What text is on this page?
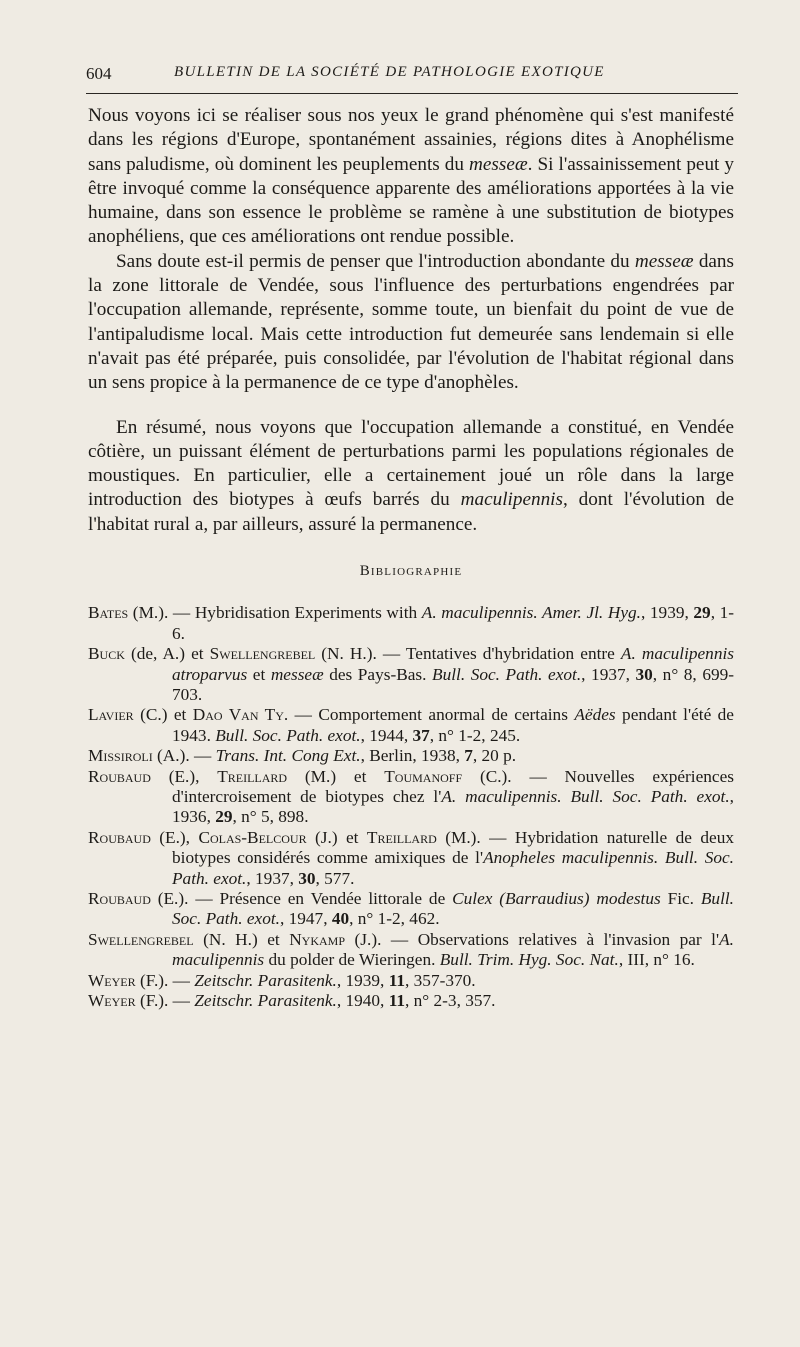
604	BULLETIN DE LA SOCIÉTÉ DE PATHOLOGIE EXOTIQUE

Nous voyons ici se réaliser sous nos yeux le grand phénomène qui s'est manifesté dans les régions d'Europe, spontanément assainies, régions dites à Anophélisme sans paludisme, où dominent les peuplements du messeæ. Si l'assainissement peut y être invoqué comme la conséquence apparente des améliorations apportées à la vie humaine, dans son essence le problème se ramène à une substitution de biotypes anophéliens, que ces améliorations ont rendue possible.

Sans doute est-il permis de penser que l'introduction abondante du messeæ dans la zone littorale de Vendée, sous l'influence des perturbations engendrées par l'occupation allemande, représente, somme toute, un bienfait du point de vue de l'antipaludisme local. Mais cette introduction fut demeurée sans lendemain si elle n'avait pas été préparée, puis consolidée, par l'évolution de l'habitat régional dans un sens propice à la permanence de ce type d'anophèles.

En résumé, nous voyons que l'occupation allemande a constitué, en Vendée côtière, un puissant élément de perturbations parmi les populations régionales de moustiques. En particulier, elle a certainement joué un rôle dans la large introduction des biotypes à œufs barrés du maculipennis, dont l'évolution de l'habitat rural a, par ailleurs, assuré la permanence.

Bibliographie

Bates (M.). — Hybridisation Experiments with A. maculipennis. Amer. Jl. Hyg., 1939, 29, 1-6.

Buck (de, A.) et Swellengrebel (N. H.). — Tentatives d'hybridation entre A. maculipennis atroparvus et messeæ des Pays-Bas. Bull. Soc. Path. exot., 1937, 30, n° 8, 699-703.

Lavier (C.) et Dao Van Ty. — Comportement anormal de certains Aëdes pendant l'été de 1943. Bull. Soc. Path. exot., 1944, 37, n° 1-2, 245.

Missiroli (A.). — Trans. Int. Cong Ext., Berlin, 1938, 7, 20 p.

Roubaud (E.), Treillard (M.) et Toumanoff (C.). — Nouvelles expériences d'intercroisement de biotypes chez l'A. maculipennis. Bull. Soc. Path. exot., 1936, 29, n° 5, 898.

Roubaud (E.), Colas-Belcour (J.) et Treillard (M.). — Hybridation naturelle de deux biotypes considérés comme amixiques de l'Anopheles maculipennis. Bull. Soc. Path. exot., 1937, 30, 577.

Roubaud (E.). — Présence en Vendée littorale de Culex (Barraudius) modestus Fic. Bull. Soc. Path. exot., 1947, 40, n° 1-2, 462.

Swellengrebel (N. H.) et Nykamp (J.). — Observations relatives à l'invasion par l'A. maculipennis du polder de Wieringen. Bull. Trim. Hyg. Soc. Nat., III, n° 16.

Weyer (F.). — Zeitschr. Parasitenk., 1939, 11, 357-370.

Weyer (F.). — Zeitschr. Parasitenk., 1940, 11, n° 2-3, 357.
